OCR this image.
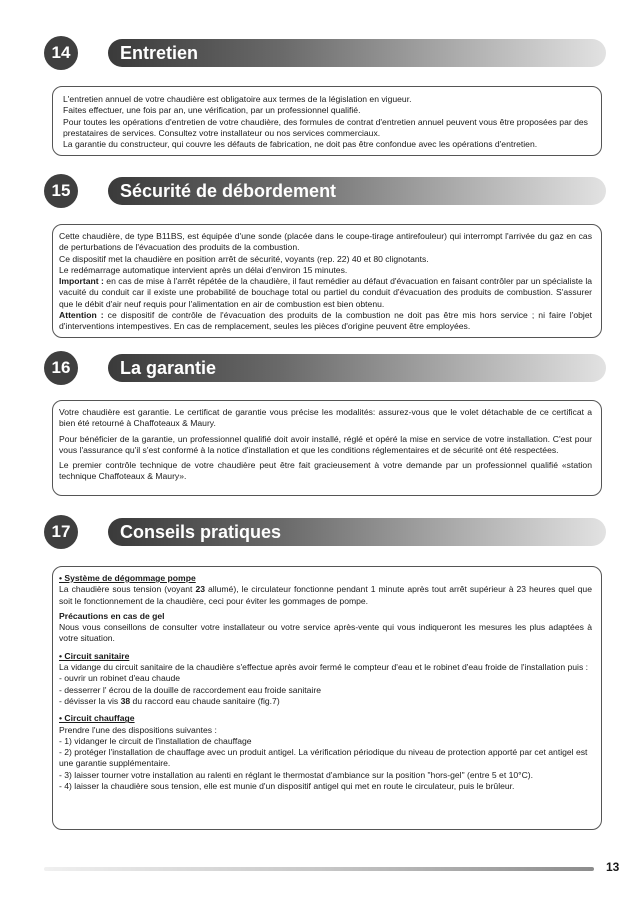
14	Entretien

L'entretien annuel de votre chaudière est obligatoire aux termes de la législation en vigueur.

Faites effectuer, une fois par an, une vérification, par un professionnel qualifié.

Pour toutes les opérations d'entretien de votre chaudière, des formules de contrat d'entretien annuel peuvent vous être proposées par des prestataires de services. Consultez votre installateur ou nos services commerciaux.

La garantie du constructeur, qui couvre les défauts de fabrication, ne doit pas être confondue avec les opérations d'entretien.

15	Sécurité de débordement

Cette chaudière, de type B11BS, est équipée d'une sonde (placée dans le coupe-tirage antirefouleur) qui interrompt l'arrivée du gaz en cas de perturbations de l'évacuation des produits de la combustion.

Ce dispositif met la chaudière en position arrêt de sécurité, voyants (rep. 22) 40 et 80 clignotants.

Le redémarrage automatique intervient après un délai d'environ 15 minutes.

Important : en cas de mise à l'arrêt répétée de la chaudière, il faut remédier au défaut d'évacuation en faisant contrôler par un spécialiste la vacuité du conduit car il existe une probabilité de bouchage total ou partiel du conduit d'évacuation des produits de combustion. S'assurer que le débit d'air neuf requis pour l'alimentation en air de combustion est bien obtenu.

Attention : ce dispositif de contrôle de l'évacuation des produits de la combustion ne doit pas être mis hors service ; ni faire l'objet d'interventions intempestives. En cas de remplacement, seules les pièces d'origine peuvent être employées.

16	La garantie

Votre chaudière est garantie. Le certificat de garantie vous précise les modalités: assurez-vous que le volet détachable de ce certificat a bien été retourné à Chaffoteaux & Maury.

Pour bénéficier de la garantie, un professionnel qualifié doit avoir installé, réglé et opéré la mise en service de votre installation. C'est pour vous l'assurance qu'il s'est conformé à la notice d'installation et que les conditions réglementaires et de sécurité ont été respectées.

Le premier contrôle technique de votre chaudière peut être fait gracieusement à votre demande par un professionnel qualifié «station technique Chaffoteaux & Maury».

17	Conseils pratiques

• Système de dégommage pompe

La chaudière sous tension (voyant 23 allumé), le circulateur fonctionne pendant 1 minute après tout arrêt supérieur à 23 heures quel que soit le fonctionnement de la chaudière, ceci pour éviter les gommages de pompe.

Précautions en cas de gel

Nous vous conseillons de consulter votre installateur ou votre service après-vente qui vous indiqueront les mesures les plus adaptées à votre situation.

• Circuit sanitaire

La vidange du circuit sanitaire de la chaudière s'effectue après avoir fermé le compteur d'eau et le robinet d'eau froide de l'installation puis :

- ouvrir un robinet d'eau chaude

- desserrer l' écrou de la douille de raccordement eau froide sanitaire

- dévisser la vis 38 du raccord eau chaude sanitaire (fig.7)

• Circuit chauffage

Prendre l'une des dispositions suivantes :

- 1) vidanger le circuit de l'installation de chauffage

- 2) protéger l'installation de chauffage avec un produit antigel. La vérification périodique du niveau de protection apporté par cet antigel est une garantie supplémentaire.

- 3) laisser tourner votre installation au ralenti en réglant le thermostat d'ambiance sur la position "hors-gel" (entre 5 et 10°C).

- 4) laisser la chaudière sous tension, elle est munie d'un dispositif antigel qui met en route le circulateur, puis le brûleur.

13
